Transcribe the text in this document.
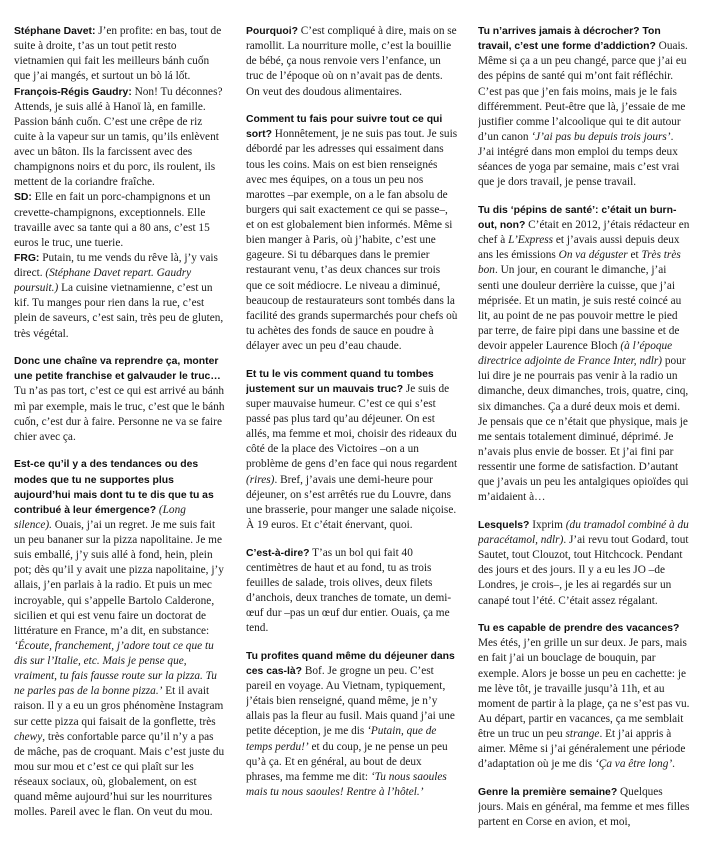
Stéphane Davet: J’en profite: en bas, tout de suite à droite, t’as un tout petit resto vietnamien qui fait les meilleurs bánh cuốn que j’ai mangés, et surtout un bò lá lốt.

François-Régis Gaudry: Non! Tu déconnes? Attends, je suis allé à Hanoï là, en famille. Passion bánh cuốn. C’est une crêpe de riz cuite à la vapeur sur un tamis, qu’ils enlèvent avec un bâton. Ils la farcissent avec des champignons noirs et du porc, ils roulent, ils mettent de la coriandre fraîche.

SD: Elle en fait un porc-champignons et un crevette-champignons, exceptionnels. Elle travaille avec sa tante qui a 80 ans, c’est 15 euros le truc, une tuerie.

FRG: Putain, tu me vends du rêve là, j’y vais direct. (Stéphane Davet repart. Gaudry poursuit.) La cuisine vietnamienne, c’est un kif. Tu manges pour rien dans la rue, c’est plein de saveurs, c’est sain, très peu de gluten, très végétal.

Donc une chaîne va reprendre ça, monter une petite franchise et galvauder le truc… Tu n’as pas tort, c’est ce qui est arrivé au bánh mì par exemple, mais le truc, c’est que le bánh cuốn, c’est dur à faire. Personne ne va se faire chier avec ça.

Est-ce qu’il y a des tendances ou des modes que tu ne supportes plus aujourd’hui mais dont tu te dis que tu as contribué à leur émergence? (Long silence). Ouais, j’ai un regret. Je me suis fait un peu bananer sur la pizza napolitaine. Je me suis emballé, j’y suis allé à fond, hein, plein pot; dès qu’il y avait une pizza napolitaine, j’y allais, j’en parlais à la radio. Et puis un mec incroyable, qui s’appelle Bartolo Calderone, sicilien et qui est venu faire un doctorat de littérature en France, m’a dit, en substance: ‘Écoute, franchement, j’adore tout ce que tu dis sur l’Italie, etc. Mais je pense que, vraiment, tu fais fausse route sur la pizza. Tu ne parles pas de la bonne pizza.’ Et il avait raison. Il y a eu un gros phénomène Instagram sur cette pizza qui faisait de la gonflette, très chewy, très confortable parce qu’il n’y a pas de mâche, pas de croquant. Mais c’est juste du mou sur mou et c’est ce qui plaît sur les réseaux sociaux, où, globalement, on est quand même aujourd’hui sur les nourritures molles. Pareil avec le flan. On veut du mou.

Pourquoi? C’est compliqué à dire, mais on se ramollit. La nourriture molle, c’est la bouillie de bébé, ça nous renvoie vers l’enfance, un truc de l’époque où on n’avait pas de dents. On veut des doudous alimentaires.

Comment tu fais pour suivre tout ce qui sort? Honnêtement, je ne suis pas tout. Je suis débordé par les adresses qui essaiment dans tous les coins. Mais on est bien renseignés avec mes équipes, on a tous un peu nos marottes –par exemple, on a le fan absolu de burgers qui sait exactement ce qui se passe–, et on est globalement bien informés. Même si bien manger à Paris, où j’habite, c’est une gageure. Si tu débarques dans le premier restaurant venu, t’as deux chances sur trois que ce soit médiocre. Le niveau a diminué, beaucoup de restaurateurs sont tombés dans la facilité des grands supermarchés pour chefs où tu achètes des fonds de sauce en poudre à délayer avec un peu d’eau chaude.

Et tu le vis comment quand tu tombes justement sur un mauvais truc? Je suis de super mauvaise humeur. C’est ce qui s’est passé pas plus tard qu’au déjeuner. On est allés, ma femme et moi, choisir des rideaux du côté de la place des Victoires –on a un problème de gens d’en face qui nous regardent (rires). Bref, j’avais une demi-heure pour déjeuner, on s’est arrêtés rue du Louvre, dans une brasserie, pour manger une salade niçoise. À 19 euros. Et c’était énervant, quoi.

C’est-à-dire? T’as un bol qui fait 40 centimètres de haut et au fond, tu as trois feuilles de salade, trois olives, deux filets d’anchois, deux tranches de tomate, un demi-œuf dur –pas un œuf dur entier. Ouais, ça me tend.

Tu profites quand même du déjeuner dans ces cas-là? Bof. Je grogne un peu. C’est pareil en voyage. Au Vietnam, typiquement, j’étais bien renseigné, quand même, je n’y allais pas la fleur au fusil. Mais quand j’ai une petite déception, je me dis ‘Putain, que de temps perdu!’ et du coup, je ne pense un peu qu’à ça. Et en général, au bout de deux phrases, ma femme me dit: ‘Tu nous saoules mais tu nous saoules! Rentre à l’hôtel.’

Tu n’arrives jamais à décrocher? Ton travail, c’est une forme d’addiction? Ouais. Même si ça a un peu changé, parce que j’ai eu des pépins de santé qui m’ont fait réfléchir. C’est pas que j’en fais moins, mais je le fais différemment. Peut-être que là, j’essaie de me justifier comme l’alcoolique qui te dit autour d’un canon ‘J’ai pas bu depuis trois jours’. J’ai intégré dans mon emploi du temps deux séances de yoga par semaine, mais c’est vrai que je dors travail, je pense travail.

Tu dis ‘pépins de santé’: c’était un burn-out, non? C’était en 2012, j’étais rédacteur en chef à L’Express et j’avais aussi depuis deux ans les émissions On va déguster et Très très bon. Un jour, en courant le dimanche, j’ai senti une douleur derrière la cuisse, que j’ai méprisée. Et un matin, je suis resté coincé au lit, au point de ne pas pouvoir mettre le pied par terre, de faire pipi dans une bassine et de devoir appeler Laurence Bloch (à l’époque directrice adjointe de France Inter, ndlr) pour lui dire je ne pourrais pas venir à la radio un dimanche, deux dimanches, trois, quatre, cinq, six dimanches. Ça a duré deux mois et demi. Je pensais que ce n’était que physique, mais je me sentais totalement diminué, déprimé. Je n’avais plus envie de bosser. Et j’ai fini par ressentir une forme de satisfaction. D’autant que j’avais un peu les antalgiques opioïdes qui m’aidaient à…

Lesquels? Ixprim (du tramadol combiné à du paracétamol, ndlr). J’ai revu tout Godard, tout Sautet, tout Clouzot, tout Hitchcock. Pendant des jours et des jours. Il y a eu les JO –de Londres, je crois–, je les ai regardés sur un canapé tout l’été. C’était assez régalant.

Tu es capable de prendre des vacances? Mes étés, j’en grille un sur deux. Je pars, mais en fait j’ai un bouclage de bouquin, par exemple. Alors je bosse un peu en cachette: je me lève tôt, je travaille jusqu’à 11h, et au moment de partir à la plage, ça ne s’est pas vu. Au départ, partir en vacances, ça me semblait être un truc un peu strange. Et j’ai appris à aimer. Même si j’ai généralement une période d’adaptation où je me dis ‘Ça va être long’.

Genre la première semaine? Quelques jours. Mais en général, ma femme et mes filles partent en Corse en avion, et moi,
